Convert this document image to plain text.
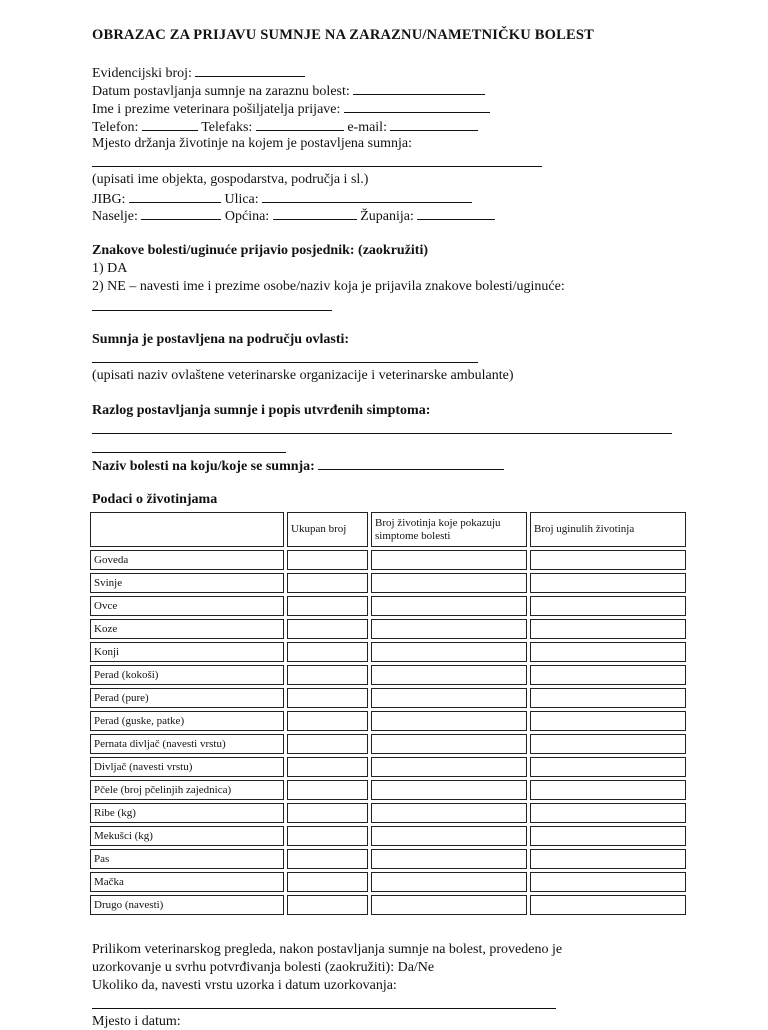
OBRAZAC ZA PRIJAVU SUMNJE NA ZARAZNU/NAMETNIČKU BOLEST
Evidencijski broj:
Datum postavljanja sumnje na zaraznu bolest:
Ime i prezime veterinara pošiljatelja prijave:
Telefon:	Telefaks:	e-mail:
Mjesto držanja životinje na kojem je postavljena sumnja:
(upisati ime objekta, gospodarstva, područja i sl.)
JIBG:	Ulica:
Naselje:	Općina:	Županija:
Znakove bolesti/uginuće prijavio posjednik: (zaokružiti)
1) DA
2) NE – navesti ime i prezime osobe/naziv koja je prijavila znakove bolesti/uginuće:
Sumnja je postavljena na području ovlasti:
(upisati naziv ovlaštene veterinarske organizacije i veterinarske ambulante)
Razlog postavljanja sumnje i popis utvrđenih simptoma:
Naziv bolesti na koju/koje se sumnja:
Podaci o životinjama
	Ukupan broj	Broj životinja koje pokazuju simptome bolesti	Broj uginulih životinja
Goveda			
Svinje			
Ovce			
Koze			
Konji			
Perad (kokoši)			
Perad (pure)			
Perad (guske, patke)			
Pernata divljač (navesti vrstu)			
Divljač (navesti vrstu)			
Pčele (broj pčelinjih zajednica)			
Ribe (kg)			
Mekušci (kg)			
Pas			
Mačka			
Drugo (navesti)			
Prilikom veterinarskog pregleda, nakon postavljanja sumnje na bolest, provedeno je
uzorkovanje u svrhu potvrđivanja bolesti (zaokružiti): Da/Ne
Ukoliko da, navesti vrstu uzorka i datum uzorkovanja:
Mjesto i datum:
